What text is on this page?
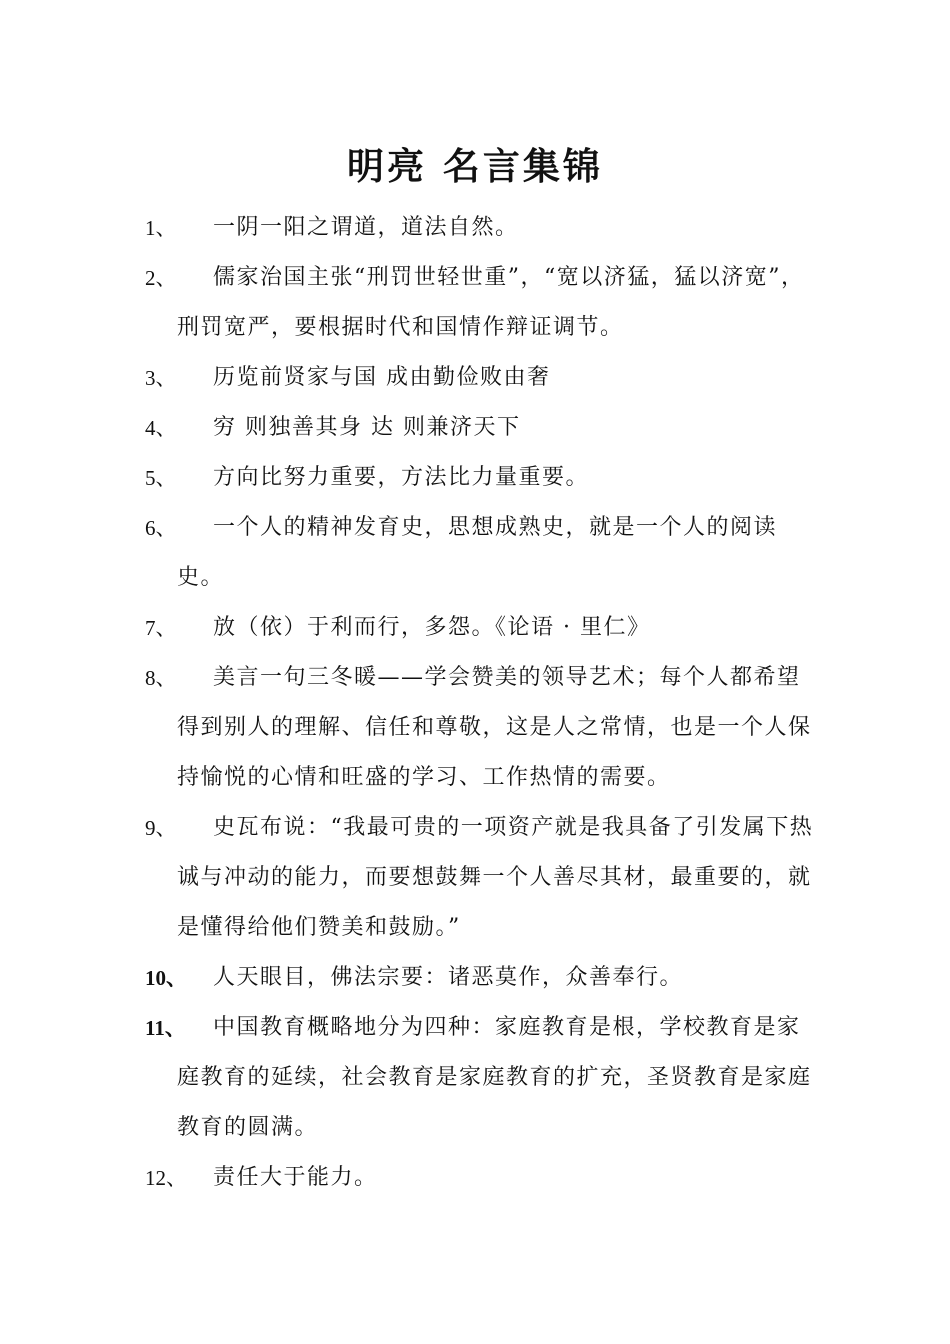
明亮 名言集锦
1、	一阴一阳之谓道，道法自然。
2、	儒家治国主张“刑罚世轻世重”，“宽以济猛，猛以济宽”，刑罚宽严，要根据时代和国情作辩证调节。
3、	历览前贤家与国 成由勤俭败由奢
4、	穷 则独善其身 达 则兼济天下
5、	方向比努力重要，方法比力量重要。
6、	一个人的精神发育史，思想成熟史，就是一个人的阅读史。
7、	放（依）于利而行，多怨。《论语 · 里仁》
8、	美言一句三冬暖——学会赞美的领导艺术；每个人都希望得到别人的理解、信任和尊敬，这是人之常情，也是一个人保持愉悦的心情和旺盛的学习、工作热情的需要。
9、	史瓦布说：“我最可贵的一项资产就是我具备了引发属下热诚与冲动的能力，而要想鼓舞一个人善尽其材，最重要的，就是懂得给他们赞美和鼓励。”
10、	人天眼目，佛法宗要：诸恶莫作，众善奉行。
11、	中国教育概略地分为四种：家庭教育是根，学校教育是家庭教育的延续，社会教育是家庭教育的扩充，圣贤教育是家庭教育的圆满。
12、	责任大于能力。
